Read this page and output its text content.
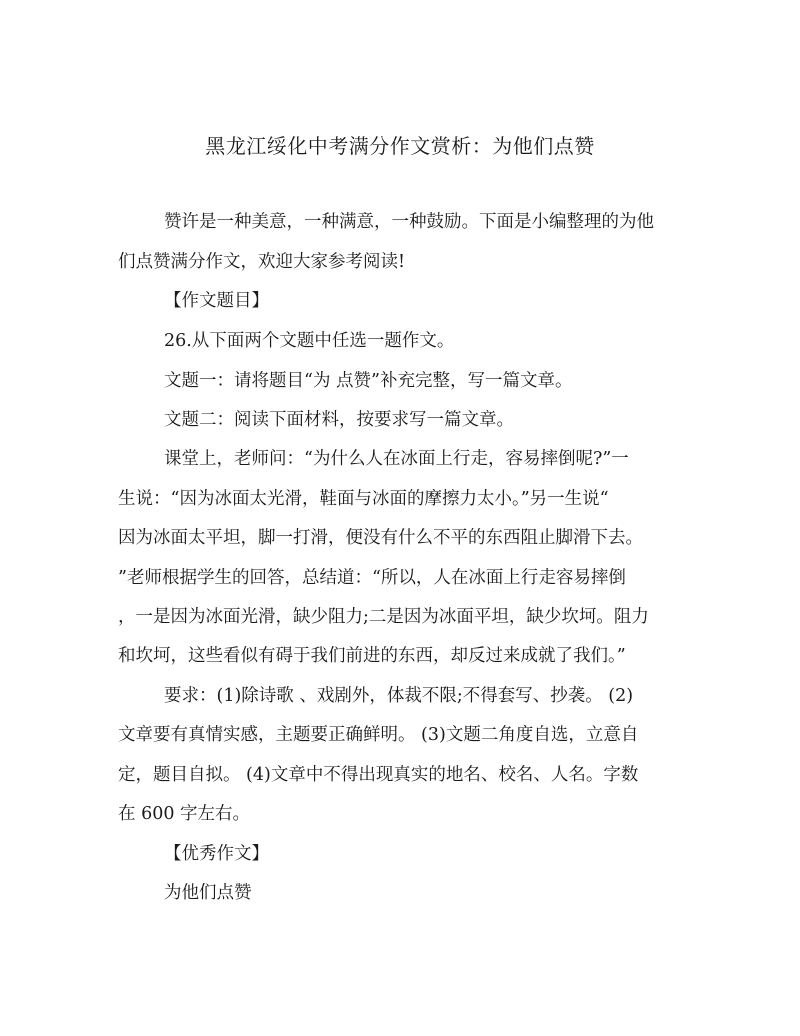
黑龙江绥化中考满分作文赏析：为他们点赞
赞许是一种美意，一种满意，一种鼓励。下面是小编整理的为他
们点赞满分作文，欢迎大家参考阅读!
【作文题目】
26.从下面两个文题中任选一题作文。
文题一：请将题目“为 点赞”补充完整，写一篇文章。
文题二：阅读下面材料，按要求写一篇文章。
课堂上，老师问：“为什么人在冰面上行走，容易摔倒呢?”一
生说：“因为冰面太光滑，鞋面与冰面的摩擦力太小。”另一生说“
因为冰面太平坦，脚一打滑，便没有什么不平的东西阻止脚滑下去。
”老师根据学生的回答，总结道：“所以，人在冰面上行走容易摔倒
，一是因为冰面光滑，缺少阻力;二是因为冰面平坦，缺少坎坷。阻力
和坎坷，这些看似有碍于我们前进的东西，却反过来成就了我们。”
要求：(1)除诗歌 、戏剧外，体裁不限;不得套写、抄袭。 (2)
文章要有真情实感，主题要正确鲜明。 (3)文题二角度自选，立意自
定，题目自拟。 (4)文章中不得出现真实的地名、校名、人名。字数
在 600 字左右。
【优秀作文】
为他们点赞
